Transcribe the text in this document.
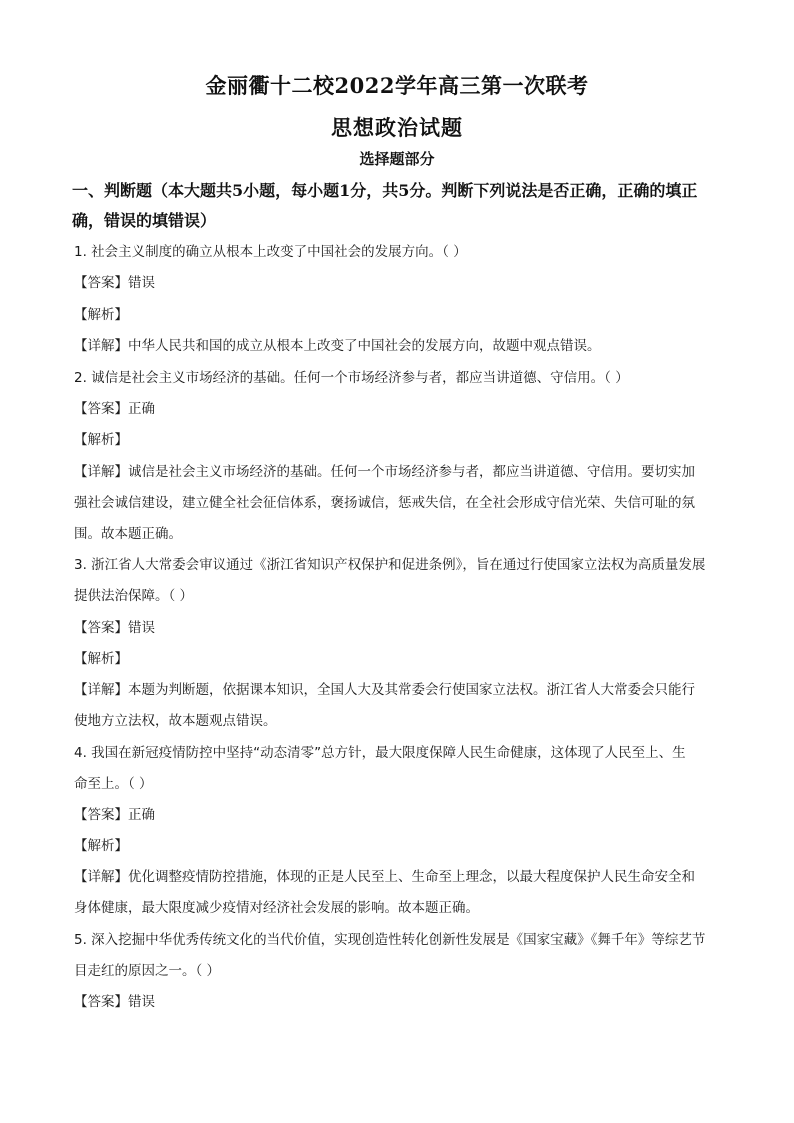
金丽衢十二校2022学年高三第一次联考
思想政治试题
选择题部分
一、判断题（本大题共5小题，每小题1分，共5分。判断下列说法是否正确，正确的填正
确，错误的填错误）
1. 社会主义制度的确立从根本上改变了中国社会的发展方向。（ ）
【答案】错误
【解析】
【详解】中华人民共和国的成立从根本上改变了中国社会的发展方向，故题中观点错误。
2. 诚信是社会主义市场经济的基础。任何一个市场经济参与者，都应当讲道德、守信用。（ ）
【答案】正确
【解析】
【详解】诚信是社会主义市场经济的基础。任何一个市场经济参与者，都应当讲道德、守信用。要切实加
强社会诚信建设，建立健全社会征信体系，褒扬诚信，惩戒失信，在全社会形成守信光荣、失信可耻的氛
围。故本题正确。
3. 浙江省人大常委会审议通过《浙江省知识产权保护和促进条例》，旨在通过行使国家立法权为高质量发展
提供法治保障。（ ）
【答案】错误
【解析】
【详解】本题为判断题，依据课本知识，全国人大及其常委会行使国家立法权。浙江省人大常委会只能行
使地方立法权，故本题观点错误。
4. 我国在新冠疫情防控中坚持“动态清零”总方针，最大限度保障人民生命健康，这体现了人民至上、生
命至上。（ ）
【答案】正确
【解析】
【详解】优化调整疫情防控措施，体现的正是人民至上、生命至上理念，以最大程度保护人民生命安全和
身体健康，最大限度减少疫情对经济社会发展的影响。故本题正确。
5. 深入挖掘中华优秀传统文化的当代价值，实现创造性转化创新性发展是《国家宝藏》《舞千年》等综艺节
目走红的原因之一。（ ）
【答案】错误
